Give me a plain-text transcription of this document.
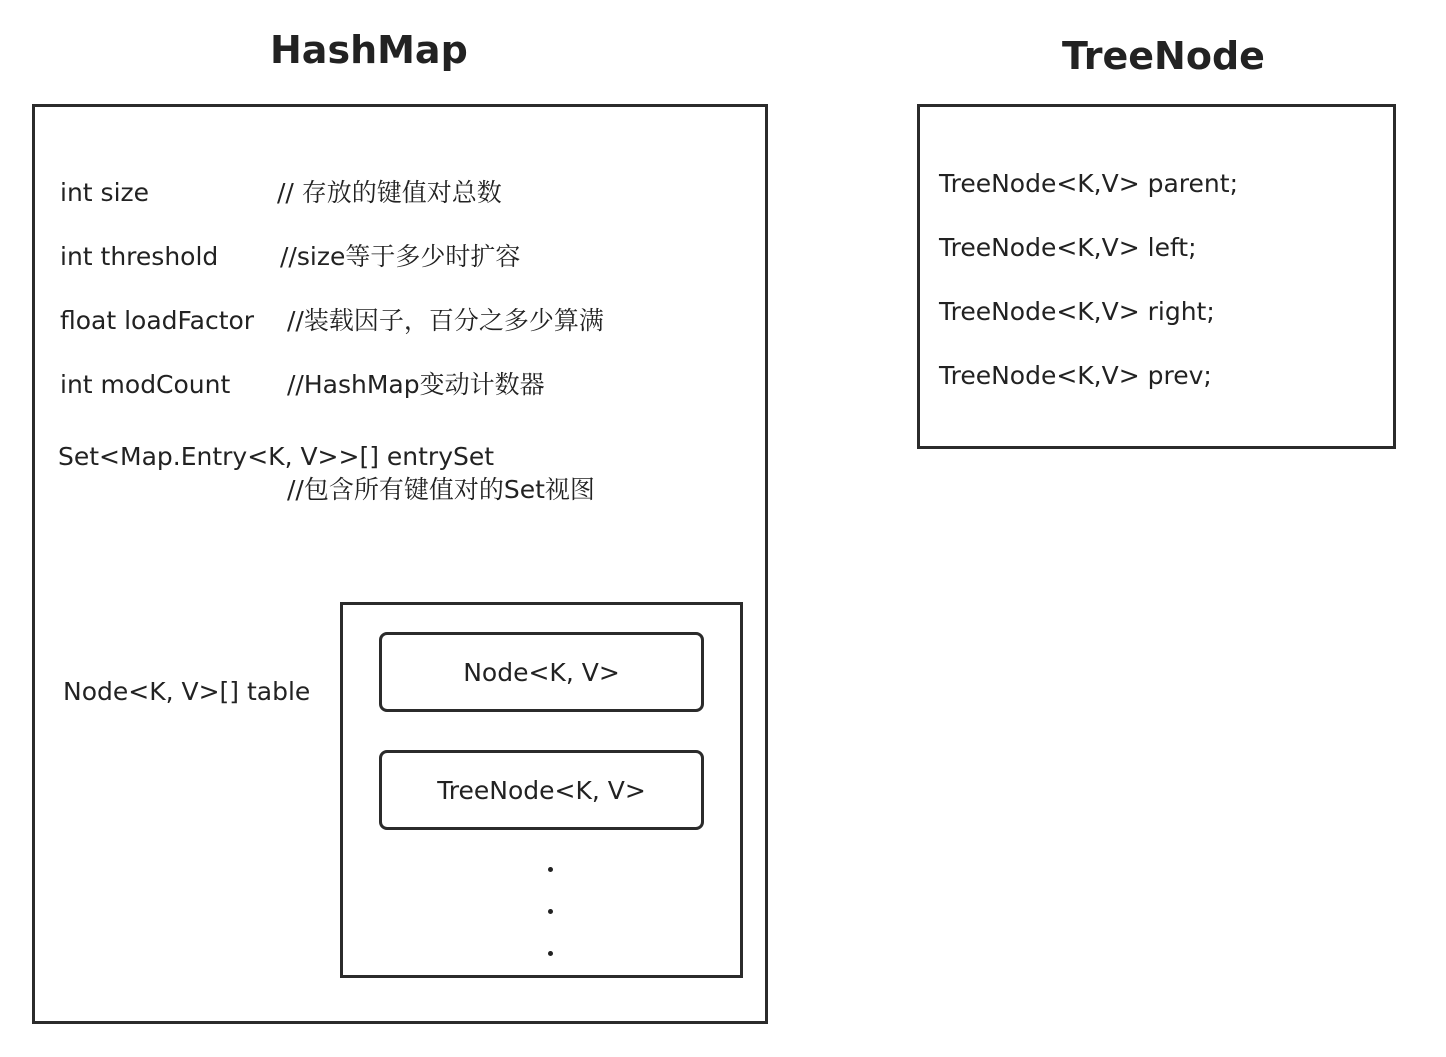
HashMap
int size	// 存放的键值对总数
int threshold //size等于多少时扩容
float loadFactor //装载因子，百分之多少算满
int modCount //HashMap变动计数器
Set<Map.Entry<K, V>>[] entrySet
//包含所有键值对的Set视图
Node<K, V>[] table
Node<K, V>
TreeNode<K, V>
TreeNode
TreeNode<K,V> parent;
TreeNode<K,V> left;
TreeNode<K,V> right;
TreeNode<K,V> prev;
